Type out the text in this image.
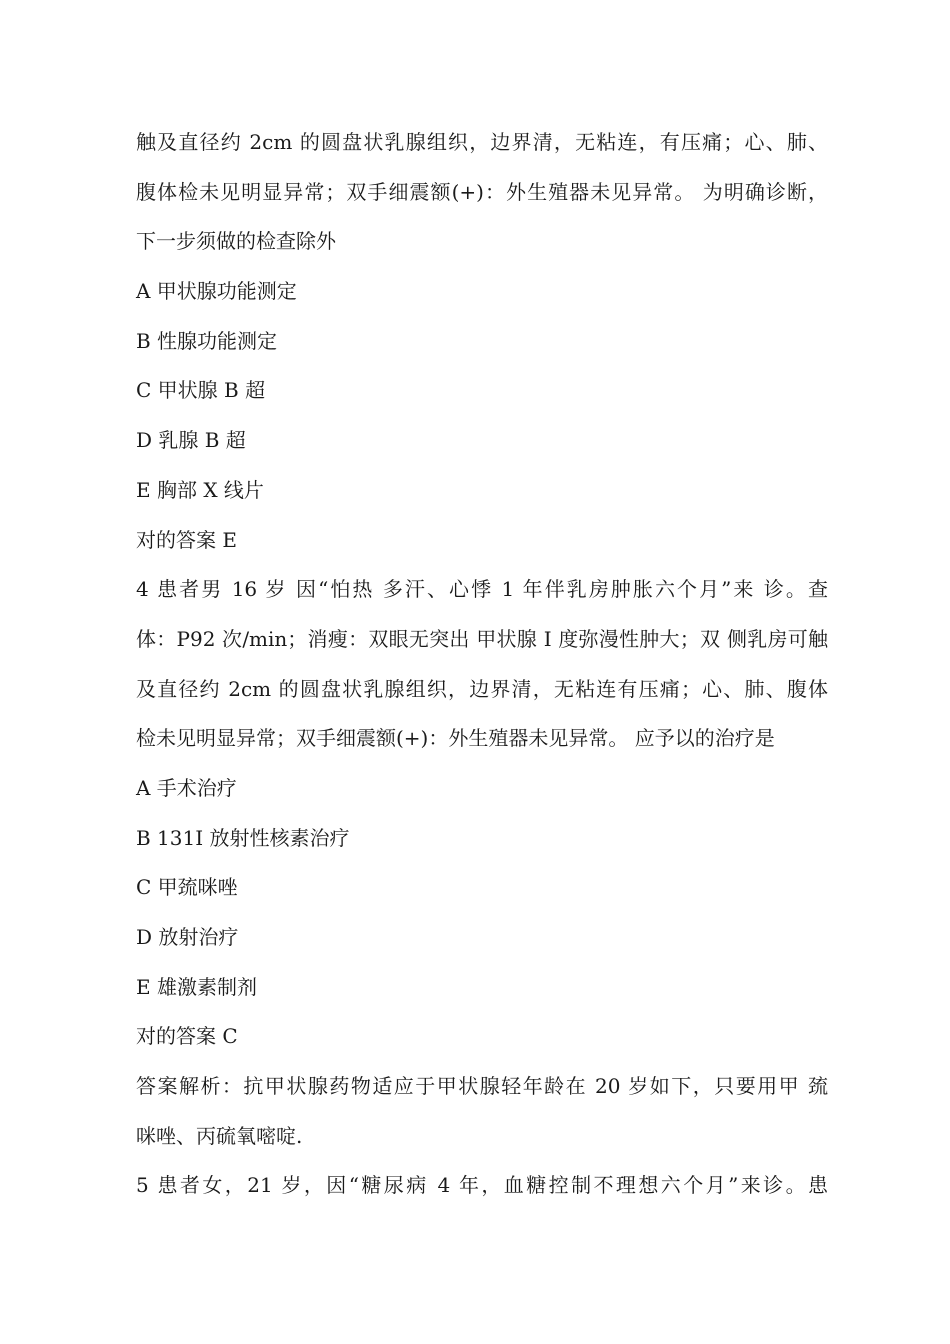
触及直径约 2cm 的圆盘状乳腺组织，边界清，无粘连，有压痛；心、肺、
腹体检未见明显异常；双手细震额(+)：外生殖器未见异常。 为明确诊断，
下一步须做的检查除外
A 甲状腺功能测定
B 性腺功能测定
C 甲状腺 B 超
D 乳腺 B 超
E 胸部 X 线片
对的答案 E
4 患者男 16 岁 因“怕热 多汗、心悸 1 年伴乳房肿胀六个月”来 诊。查
体：P92 次/min；消瘦：双眼无突出 甲状腺 I 度弥漫性肿大；双 侧乳房可触
及直径约 2cm 的圆盘状乳腺组织，边界清，无粘连有压痛；心、肺、腹体
检未见明显异常；双手细震额(+)：外生殖器未见异常。 应予以的治疗是
A 手术治疗
B 131I 放射性核素治疗
C 甲巯咪唑
D 放射治疗
E 雄激素制剂
对的答案 C
答案解析：抗甲状腺药物适应于甲状腺轻年龄在 20 岁如下，只要用甲 巯
咪唑、丙硫氧嘧啶.
5 患者女，21 岁，因“糖尿病 4 年，血糖控制不理想六个月”来诊。患
